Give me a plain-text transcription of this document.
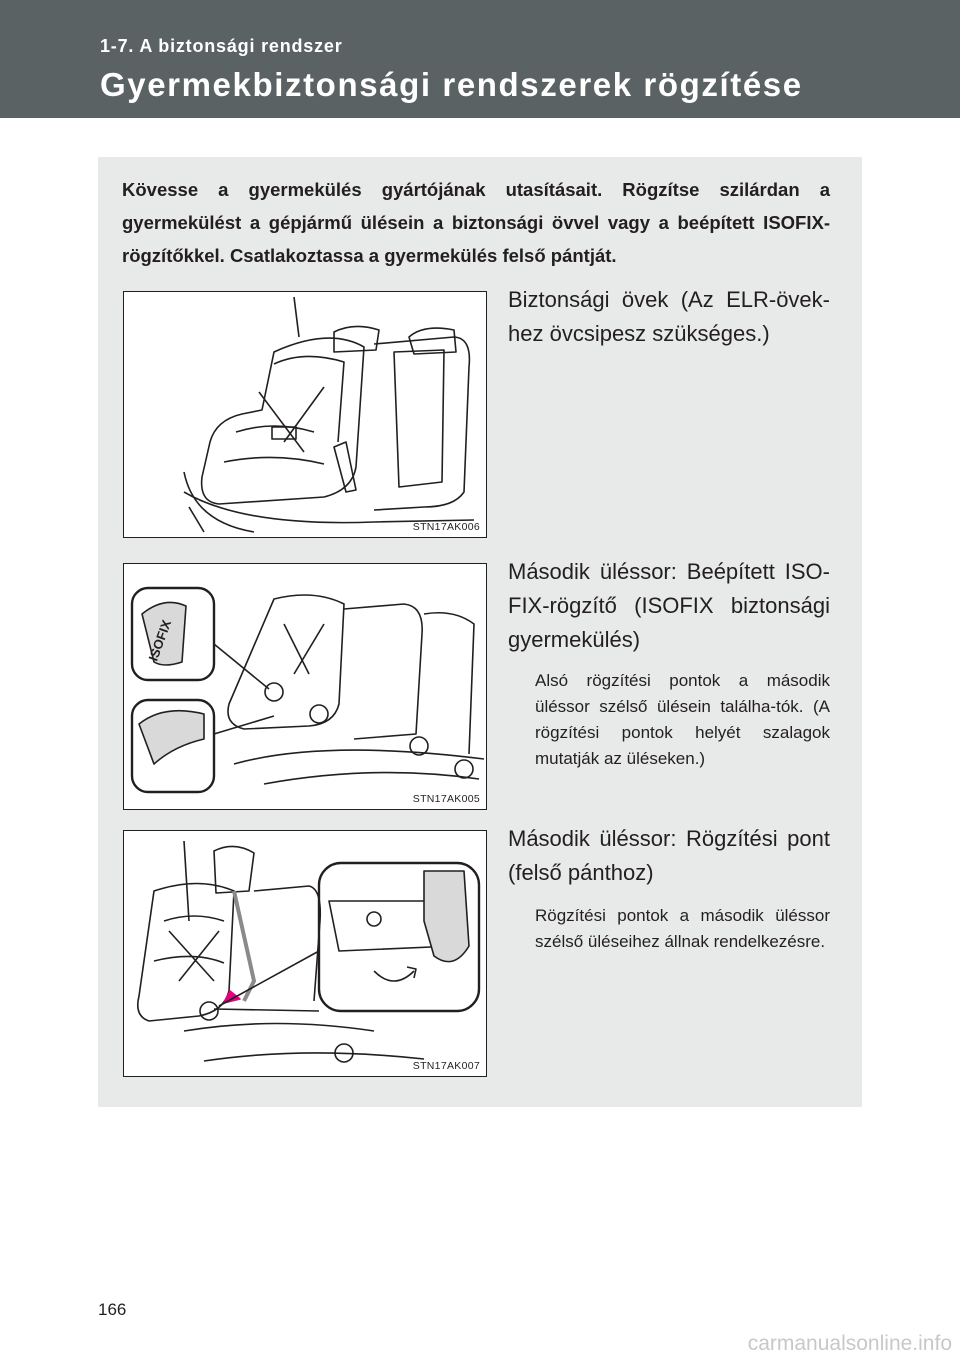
1-7. A biztonsági rendszer
Gyermekbiztonsági rendszerek rögzítése

Kövesse a gyermekülés gyártójának utasításait. Rögzítse szilárdan a gyermekülést a gépjármű ülésein a biztonsági övvel vagy a beépített ISOFIX-rögzítőkkel. Csatlakoztassa a gyermekülés felső pántját.

STN17AK006

Biztonsági övek (Az ELR-övek-hez övcsipesz szükséges.)

ISOFIX
STN17AK005

Második üléssor: Beépített ISO-FIX-rögzítő (ISOFIX biztonsági gyermekülés)

Alsó rögzítési pontok a második üléssor szélső ülésein találha-tók. (A rögzítési pontok helyét szalagok mutatják az üléseken.)

STN17AK007

Második üléssor: Rögzítési pont (felső pánthoz)

Rögzítési pontok a második üléssor szélső üléseihez állnak rendelkezésre.

166
carmanualsonline.info
